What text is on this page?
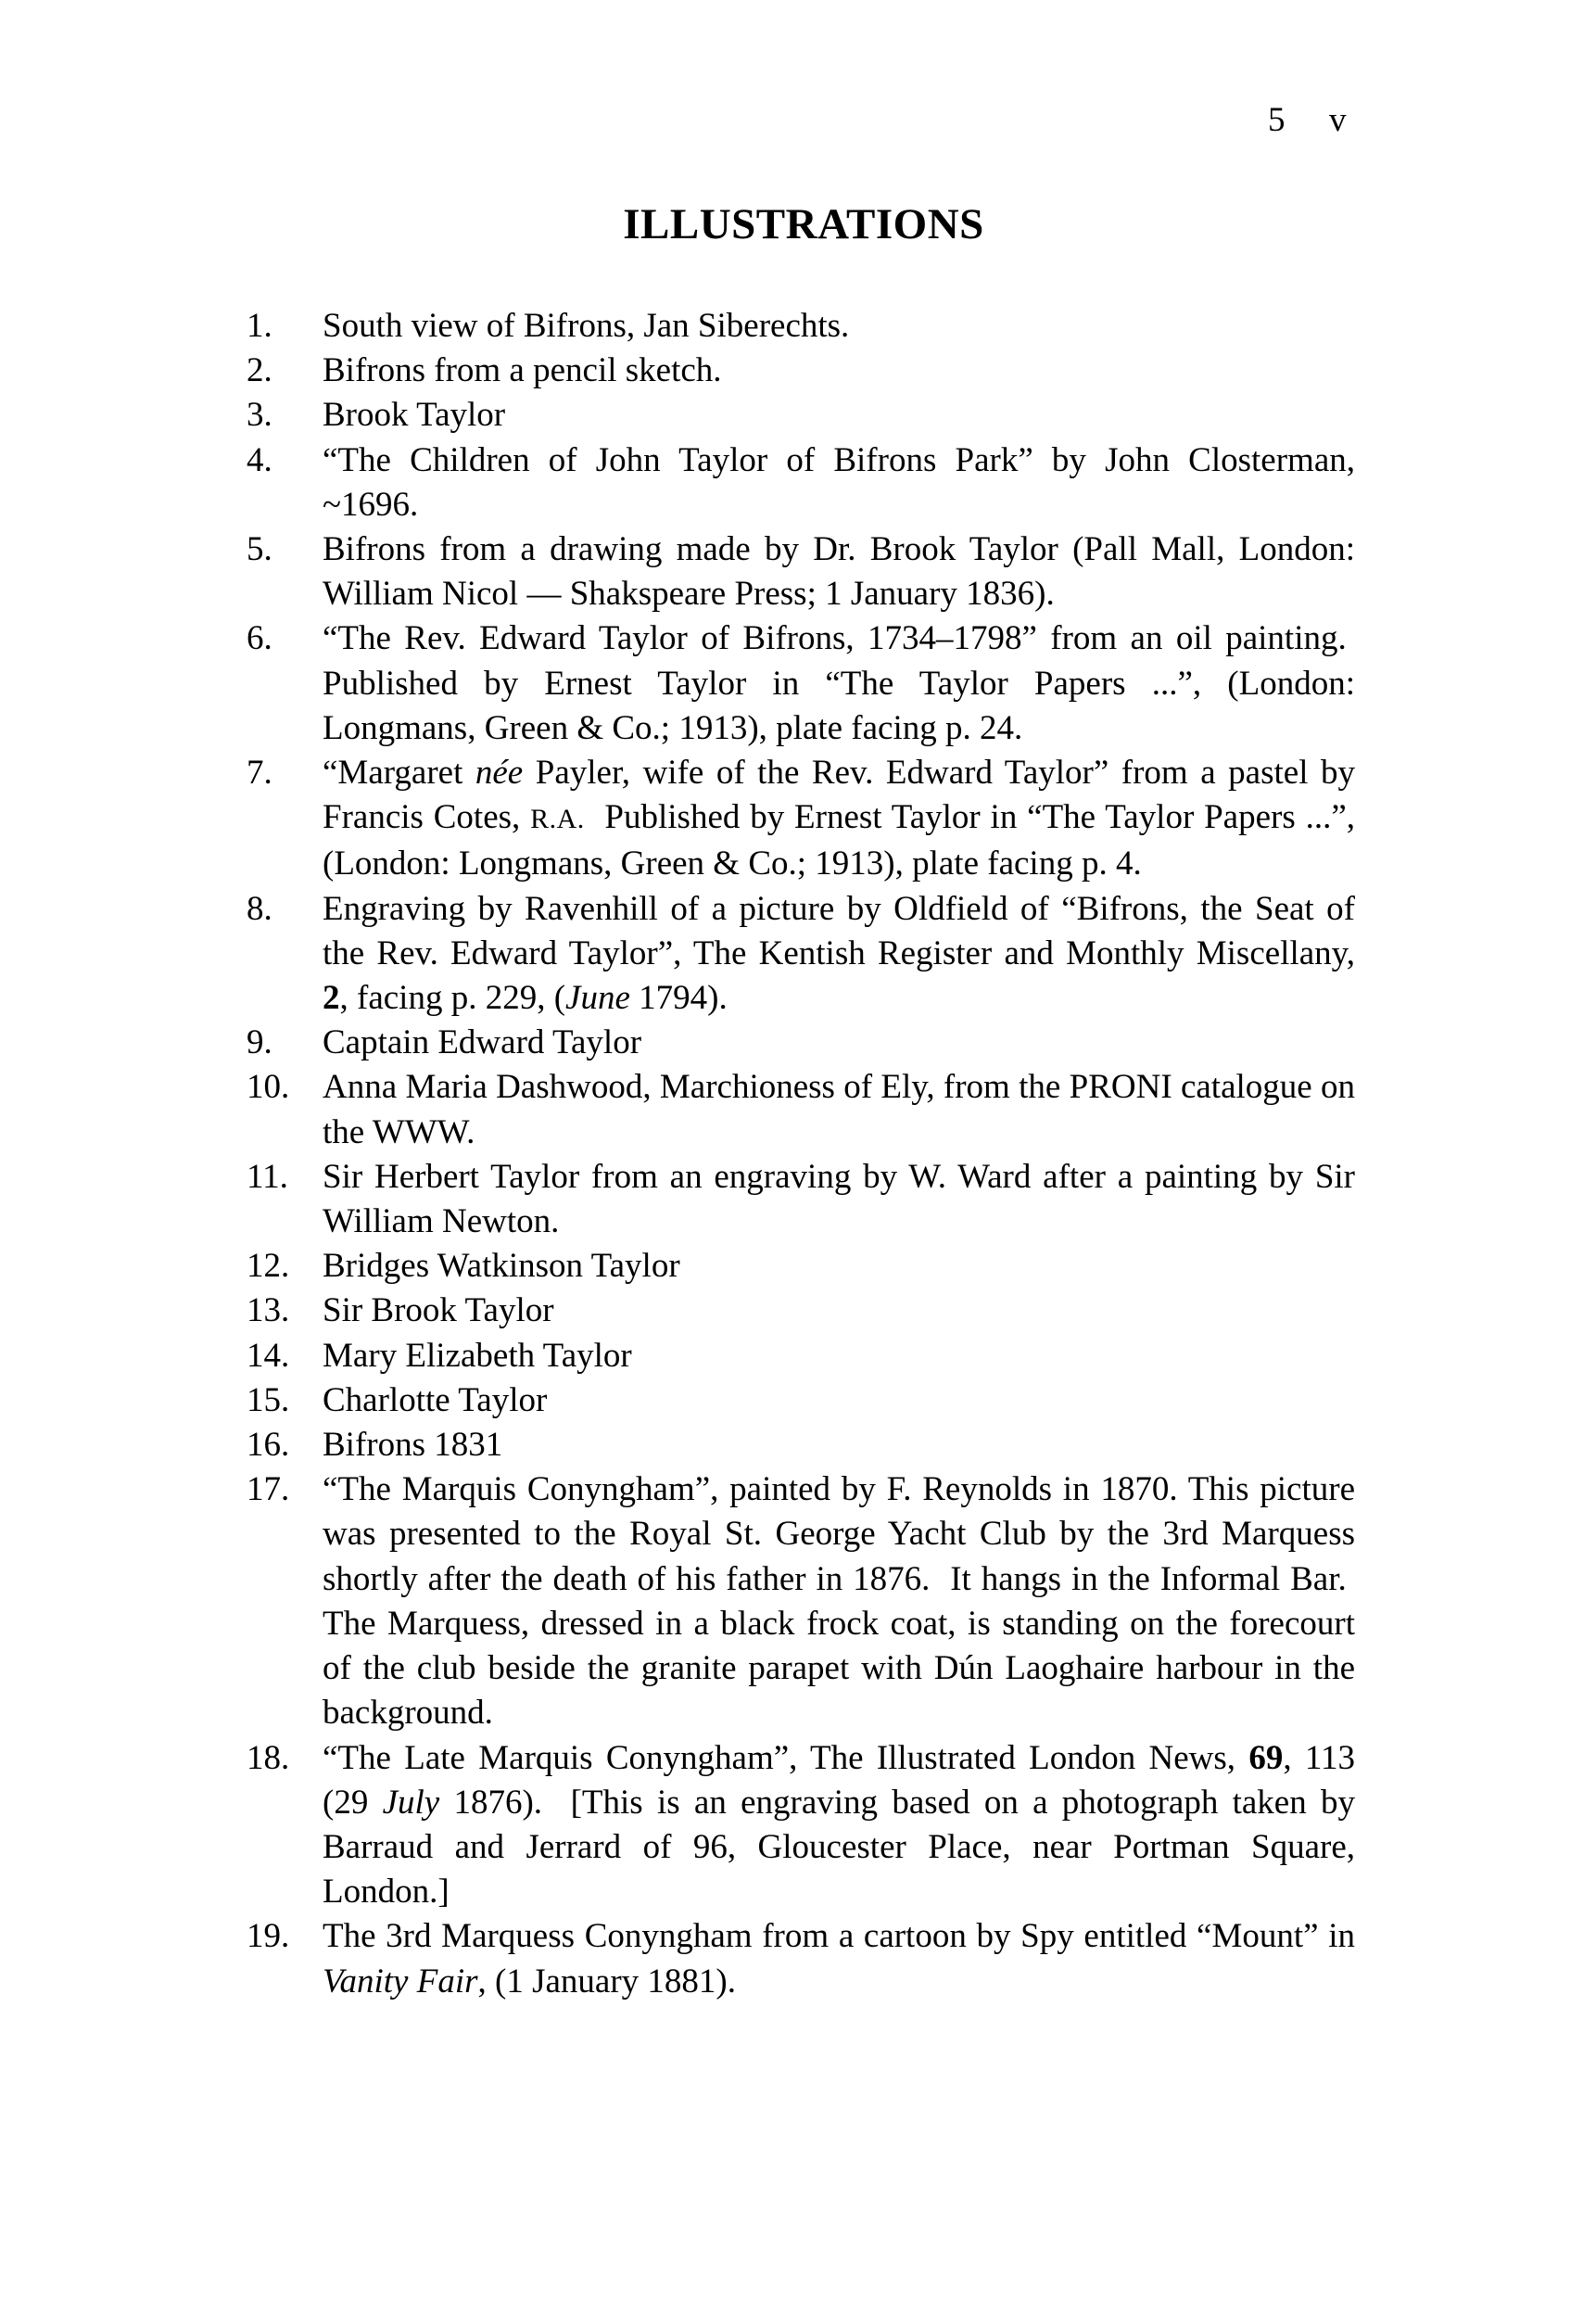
5 v
ILLUSTRATIONS
1.	South view of Bifrons, Jan Siberechts.
2.	Bifrons from a pencil sketch.
3.	Brook Taylor
4.	“The Children of John Taylor of Bifrons Park” by John Closterman, ~1696.
5.	Bifrons from a drawing made by Dr. Brook Taylor (Pall Mall, London: William Nicol — Shakspeare Press; 1 January 1836).
6.	“The Rev. Edward Taylor of Bifrons, 1734–1798” from an oil painting.  Published by Ernest Taylor in “The Taylor Papers ...”, (London: Longmans, Green & Co.; 1913), plate facing p. 24.
7.	“Margaret née Payler, wife of the Rev. Edward Taylor” from a pastel by Francis Cotes, R.A.  Published by Ernest Taylor in “The Taylor Papers ...”, (London: Longmans, Green & Co.; 1913), plate facing p. 4.
8.	Engraving by Ravenhill of a picture by Oldfield of “Bifrons, the Seat of the Rev. Edward Taylor”, The Kentish Register and Monthly Miscellany, 2, facing p. 229, (June 1794).
9.	Captain Edward Taylor
10. Anna Maria Dashwood, Marchioness of Ely, from the PRONI catalogue on the WWW.
11.	Sir Herbert Taylor from an engraving by W. Ward after a painting by Sir William Newton.
12. Bridges Watkinson Taylor
13. Sir Brook Taylor
14. Mary Elizabeth Taylor
15. Charlotte Taylor
16. Bifrons 1831
17. “The Marquis Conyngham”, painted by F. Reynolds in 1870. This picture was presented to the Royal St. George Yacht Club by the 3rd Marquess shortly after the death of his father in 1876.  It hangs in the Informal Bar.  The Marquess, dressed in a black frock coat, is standing on the forecourt of the club beside the granite parapet with Dún Laoghaire harbour in the background.
18. “The Late Marquis Conyngham”, The Illustrated London News, 69, 113 (29 July 1876).  [This is an engraving based on a photograph taken by Barraud and Jerrard of 96, Gloucester Place, near Portman Square, London.]
19. The 3rd Marquess Conyngham from a cartoon by Spy entitled “Mount” in Vanity Fair, (1 January 1881).
